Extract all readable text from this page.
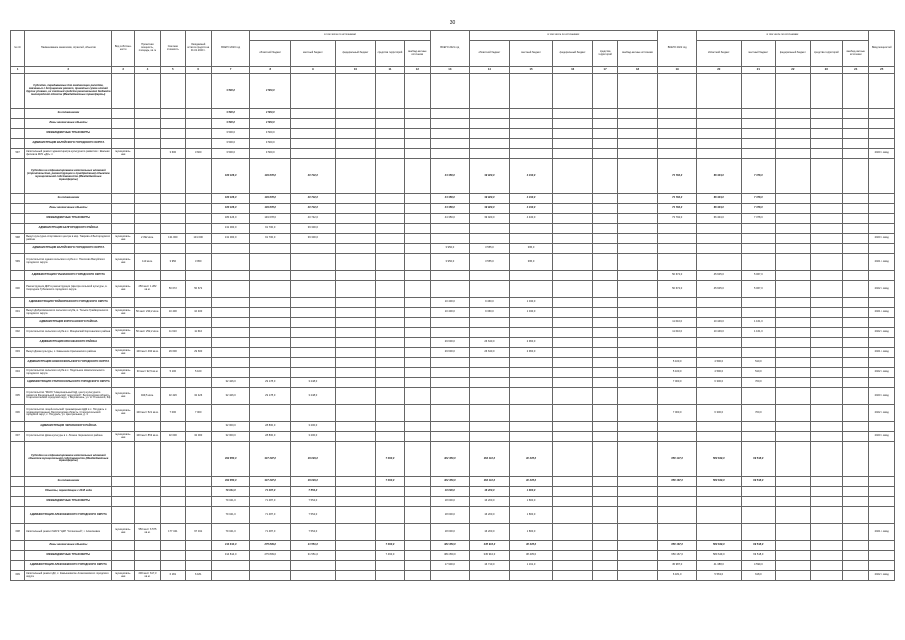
30
№ п/п	Наименование заказчиков, отраслей, объектов	Вид собствен-ности	Проектная мощность, площадь, кв. м	Сметная стоимость	Ожидаемый остаток средств на 01.01.2020 г.	ВСЕГО 2020 год	в том числе по источникам:					ВСЕГО 2021 год	в том числе по источникам:					ВСЕГО 2022 год	в том числе по источникам:					Ввод мощностей
							областной бюджет	местный бюджет	федеральный бюджет	средства территорий	внебюд-жетные источники		областной бюджет	местный бюджет	федеральный бюджет	средства территорий	внебюд-жетные источники		областной бюджет	местный бюджет	федеральный бюджет	средства территорий	внебюд-жетные источники	
1	2	3	4	5	6	7	8	9	10	11	12	13	14	15	16	17	18	19	20	21	22	23	24	25
	Субсидии, передаваемые для компенсации расходов, связанных с допущением ремонт, принятые сумма ключей брусин уповани, их сметный средств регионального бюджета Белгородской области (Межбюджетные трансферты)					3 500,0	3 500,0																	
	За опламиниями					3 500,0	3 500,0																	
	Лены неоконченые объекты					3 500,0	3 500,0																	
	МЕЖБЮДЖЕТНЫЕ ТРАНСФЕРТЫ					3 500,0	3 500,0																	
	АДМИНИСТРАЦИЯ ВАЛУЙСКОГО ГОРОДСКОГО ОКРУГА					3 500,0	3 500,0																	
597	Капитальный ремонт здания Центра культурного развития г. Шалыки филиала МУК «ДК» г.г	муниципаль-ная		3 600	3 600	3 500,0	3 500,0																	2020 г. ввод
	Субсидии на софинансирование капитальных вложений (строительство, реконструкцию и приобретение) объектов муниципальной собственности (Межбюджетные трансферты)					180 426,0	149 678,0	40 742,0				44 350,0	39 920,0	4 430,0				73 792,0	66 404,0	7 378,0				
	За опламиниями					180 426,0	149 678,0	40 742,0				44 350,0	39 920,0	4 430,0				73 792,0	66 404,0	7 378,0				
	Лены неоконченые объекты					180 426,0	149 678,0	40 742,0				44 350,0	39 920,0	4 430,0				73 792,0	66 404,0	7 378,0				
	МЕЖБЮДЖЕТНЫЕ ТРАНСФЕРТЫ					180 426,0	149 678,0	40 742,0				44 350,0	39 920,0	4 430,0				73 792,0	66 404,0	7 378,0				
	АДМИНИСТРАЦИЯ БЕЛГОРОДСКОГО РАЙОНА					131 000,0	91 700,0	39 300,0																
598	Выкуп культурно-спортивного центра в мкр. Таврово-4 Белгородского района	муниципаль-ная	2 392 кв.м.	131 000	131 000	131 000,0	91 700,0	39 300,0																2020 г. ввод
	АДМИНИСТРАЦИЯ ВАЛУЙСКОГО ГОРОДСКОГО ОКРУГА											3 950,0	3 555,0	395,0										
599	Строительство здания сельского клуба в с. Посохово Валуйского городского округа	муниципаль-ная	113 кв.м.	3 950	3 950							3 950,0	3 555,0	395,0										2021 г. ввод
	АДМИНИСТРАЦИЯ ГУБКИНСКОГО ГОРОДСКОГО ОКРУГА																	50 672,0	45 605,0	5 067,0				
600	Реконструкция ДКР в реконструкции (Центра сельской культуры, в. Скородное Губкинского городского округа	муниципаль-ная	250 мест 1 282 кв.м.	50 672	50 672													50 672,0	45 605,0	5 067,0				2022 г. ввод
	АДМИНИСТРАЦИЯ ГРАЙВОРОНСКОГО ГОРОДСКОГО ОКРУГА											10 400,0	9 460,0	1 040,0										
601	Выкуп Добросвоенского сельского клуба, в. Толыпе Грайворонского городского округа	муниципаль-ная	50 мест 233,2 кв.м.	10 400	10 400							10 400,0	9 360,0	1 040,0										2021 г. ввод
	АДМИНИСТРАЦИЯ КОРОЧАНСКОГО РАЙОНА																	11 610,0	10 449,0	1 161,0				
602	Строительство сельского клуба в с. Мощёнский Корочанского района	муниципаль-ная	50 мест 252,2 кв.м.	11 610	11 610													11 610,0	10 449,0	1 161,0				2022 г. ввод
	АДМИНИСТРАЦИЯ КРАСНЕНСКОГО РАЙОНА											29 600,0	26 640,0	2 960,0										
603	Выкуп Дома культуры, с. Камышное Красненского района	муниципаль-ная	100 мест 490 кв.м.	29 600	29 600							29 600,0	26 640,0	2 960,0										2021 г. ввод
	АДМИНИСТРАЦИЯ НОВООСКОЛЬСКОГО ГОРОДСКОГО ОКРУГА																	5 100,0	4 590,0	510,0				
604	Строительство сельского клуба в с. Подольное Новооскольского городского округа	муниципаль-ная	30 мест 92,5 кв.м.	5 100	5 100													5 100,0	4 590,0	510,0				2022 г. ввод
	АДМИНИСТРАЦИЯ СТАРООСКОЛЬСКОГО ГОРОДСКОГО ОКРУГА					32 426,0	29 178,0	3 248,0										7 000,0	6 300,0	700,0				
605	Строительство "МАУК "Национальный ЦД, центр культурного развития Федеральной сельской территорий", Белгородская область, Старооскольский городской округ, г. Верхнечень, ул. Н. Угнинской, 6ф	муниципаль-ная	949,5 кв.м.	32 426	32 426	32 426,0	29 178,0	3 248,0																2020 г. ввод
606	Строительство лицей-сельский тренажёрным ЦДК в с. Погудаль и подведомственным, Белгородская область, Старооскольский городской округ, с. Погудаль, ул. Центральная, д. 3	муниципаль-ная	100 мест 521 кв.м.	7 000	7 000													7 000,0	6 300,0	700,0				2022 г. ввод
	АДМИНИСТРАЦИЯ ЧЕРНЯНСКОГО РАЙОНА					32 000,0	28 800,0	3 200,0																
607	Строительство Дома культуры в с. Лозное Чернянского района	муниципаль-ная	100 мест 853 кв.м.	32 000	32 000	32 000,0	28 800,0	3 200,0																2020 г. ввод
	Субсидии на софинансирование капитальных вложений объектов муниципальной собственности (Межбюджетные трансферты)					393 850,0	347 297,0	39 093,0		7 460,0		402 350,0	362 110,0	40 235,0				650 147,0	580 649,0	69 518,0				
	За опламиниями					393 850,0	347 297,0	39 093,0		7 460,0		402 350,0	362 110,0	40 235,0				650 167,0	580 649,0	69 518,0				
	Объекты, переходящие с 2018 года					79 041,0	71 487,0	7 554,0				18 000,0	16 200,0	1 800,0										
	МЕЖБЮДЖЕТНЫЕ ТРАНСФЕРТЫ					79 041,0	71 487,0	7 554,0				18 000,0	16 200,0	1 800,0										
	АДМИНИСТРАЦИЯ АЛЕКСЕЕВСКОГО ГОРОДСКОГО ОКРУГА					79 041,0	71 487,0	7 554,0				18 000,0	16 200,0	1 800,0										
608	Капитальный ремонт МАУК "ЦКР "Солнечный", г. Алексеевка	муниципаль-ная	550 мест 6 575 кв.м.	177 341	97 041	79 041,0	71 487,0	7 554,0				18 000,0	16 200,0	1 800,0										2021 г. ввод
	Лены неоконченые объекты					314 814,0	275 809,0	31 551,0		7 460,0		384 350,0	345 910,0	38 435,0				650 167,0	580 649,0	69 518,0				
	МЕЖБЮДЖЕТНЫЕ ТРАНСФЕРТЫ					314 814,0	275 809,0	31 551,0		7 460,0		384 350,0	345 910,0	38 435,0				650 167,0	580 649,0	69 518,0				
	АДМИНИСТРАЦИЯ АЛЕКСЕЕВСКОГО ГОРОДСКОГО ОКРУГА											17 900,0	16 710,0	1 191,0				45 987,0	41 388,0	4 599,0				
609	Капитальный ремонт ДК, с. Камышеватое Алексеевского городского округа	муниципаль-ная	200 мест 617,3 кв.м.	6 181	6 181													6 181,0	5 563,0	618,0				2022 г. ввод
